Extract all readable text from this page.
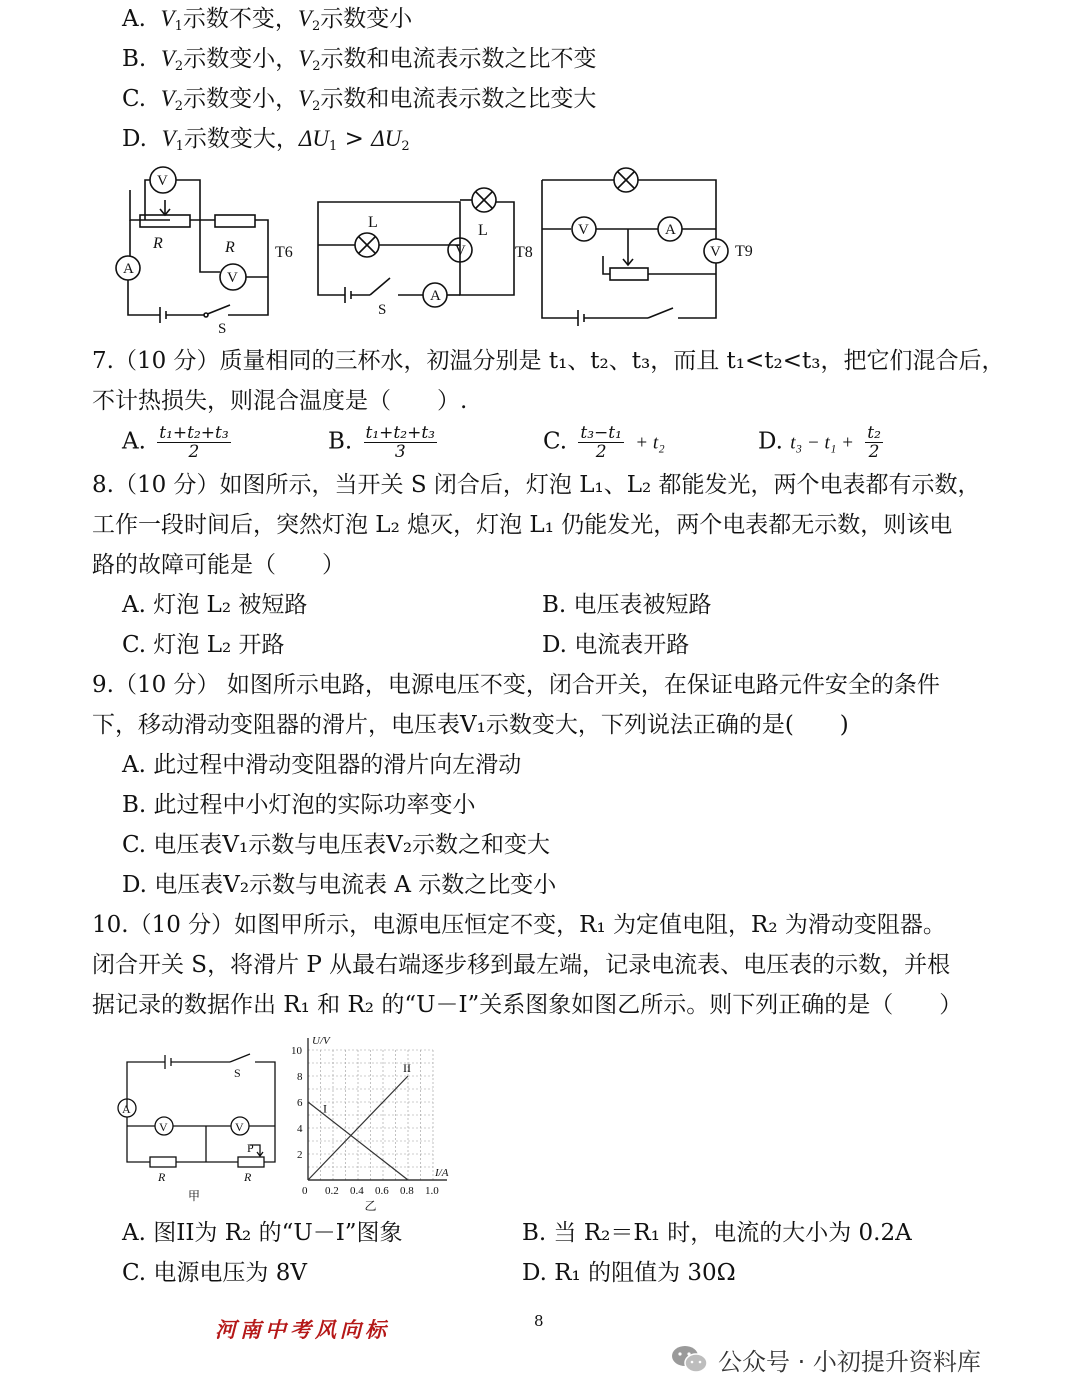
A. $V_1$示数不变，$V_2$示数变小
B. $V_2$示数变小，$V_2$示数和电流表示数之比不变
C. $V_2$示数变小，$V_2$示数和电流表示数之比变大
D. $V_1$示数变大，$\Delta U_1 > \Delta U_2$
V
A
V
R	R
S
T6
L	L
V
A
S
T8
V	A
V T9
7.（10 分）质量相同的三杯水，初温分别是 t₁、t₂、t₃，而且 t₁<t₂<t₃，把它们混合后，
不计热损失，则混合温度是（　　）.
A. $\frac{\text{t₁+t₂+t₃}}{2}$	B. $\frac{\text{t₁+t₂+t₃}}{3}$	C. $\frac{\text{t₃−t₁}}{2} + t_2$	D. $t_3 - t_1 + \frac{\text{t₂}}{2}$
8.（10 分）如图所示，当开关 S 闭合后，灯泡 L₁、L₂ 都能发光，两个电表都有示数，
工作一段时间后，突然灯泡 L₂ 熄灭，灯泡 L₁ 仍能发光，两个电表都无示数，则该电
路的故障可能是（　　）
A. 灯泡 L₂ 被短路	B. 电压表被短路
C. 灯泡 L₂ 开路	D. 电流表开路
9.（10 分） 如图所示电路，电源电压不变，闭合开关，在保证电路元件安全的条件
下，移动滑动变阻器的滑片，电压表V₁示数变大，下列说法正确的是(　　)
A. 此过程中滑动变阻器的滑片向左滑动
B. 此过程中小灯泡的实际功率变小
C. 电压表V₁示数与电压表V₂示数之和变大
D. 电压表V₂示数与电流表 A 示数之比变小
10.（10 分）如图甲所示，电源电压恒定不变，R₁ 为定值电阻，R₂ 为滑动变阻器。
闭合开关 S，将滑片 P 从最右端逐步移到最左端，记录电流表、电压表的示数，并根
据记录的数据作出 R₁ 和 R₂ 的“U－I”关系图象如图乙所示。则下列正确的是（　　）
A
V	V
S
P
R	R
甲
I
II
0 0.2 0.4 0.6 0.8 1.0
2
4
6
8
10
I/A
U/V
乙
A. 图II为 R₂ 的“U－I”图象	B. 当 R₂＝R₁ 时，电流的大小为 0.2A
C. 电源电压为 8V	D. R₁ 的阻值为 30Ω
河南中考风向标	8
公众号 · 小初提升资料库
